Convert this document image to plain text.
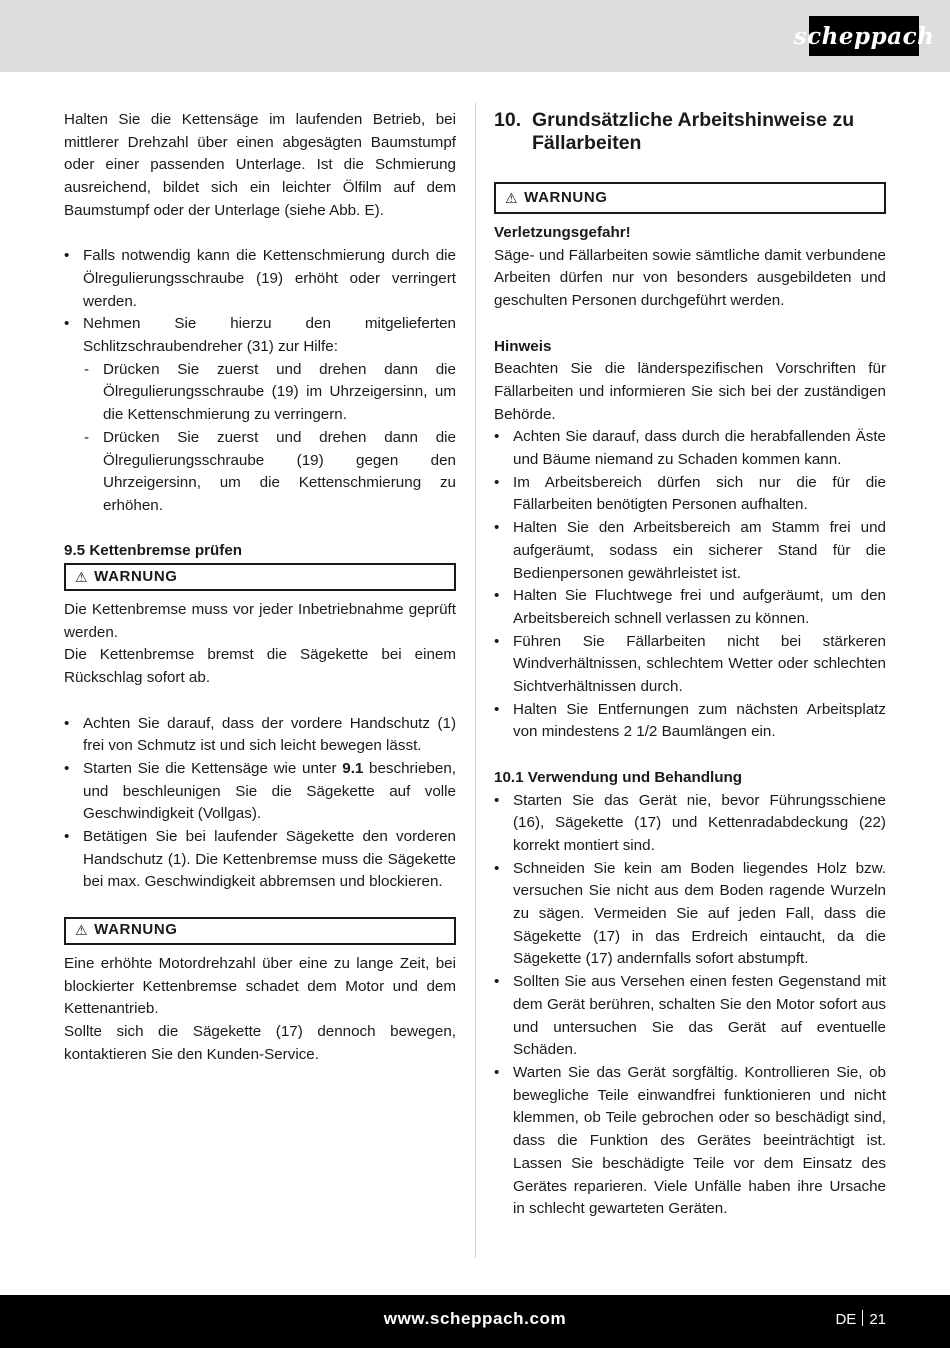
scheppach

Halten Sie die Kettensäge im laufenden Betrieb, bei mittlerer Drehzahl über einen abgesägten Baumstumpf oder einer passenden Unterlage. Ist die Schmierung ausreichend, bildet sich ein leichter Ölfilm auf dem Baumstumpf oder der Unterlage (siehe Abb. E).

• Falls notwendig kann die Kettenschmierung durch die Ölregulierungsschraube (19) erhöht oder verringert werden.
• Nehmen Sie hierzu den mitgelieferten Schlitzschraubendreher (31) zur Hilfe:
- Drücken Sie zuerst und drehen dann die Ölregulierungsschraube (19) im Uhrzeigersinn, um die Kettenschmierung zu verringern.
- Drücken Sie zuerst und drehen dann die Ölregulierungsschraube (19) gegen den Uhrzeigersinn, um die Kettenschmierung zu erhöhen.
9.5 Kettenbremse prüfen
⚠ WARNUNG

Die Kettenbremse muss vor jeder Inbetriebnahme geprüft werden.

Die Kettenbremse bremst die Sägekette bei einem Rückschlag sofort ab.

• Achten Sie darauf, dass der vordere Handschutz (1) frei von Schmutz ist und sich leicht bewegen lässt.
• Starten Sie die Kettensäge wie unter 9.1 beschrieben, und beschleunigen Sie die Sägekette auf volle Geschwindigkeit (Vollgas).
• Betätigen Sie bei laufender Sägekette den vorderen Handschutz (1). Die Kettenbremse muss die Sägekette bei max. Geschwindigkeit abbremsen und blockieren.
⚠ WARNUNG

Eine erhöhte Motordrehzahl über eine zu lange Zeit, bei blockierter Kettenbremse schadet dem Motor und dem Kettenantrieb.

Sollte sich die Sägekette (17) dennoch bewegen, kontaktieren Sie den Kunden-Service.

10. Grundsätzliche Arbeitshinweise zu Fällarbeiten
⚠ WARNUNG
Verletzungsgefahr!

Säge- und Fällarbeiten sowie sämtliche damit verbundene Arbeiten dürfen nur von besonders ausgebildeten und geschulten Personen durchgeführt werden.

Hinweis

Beachten Sie die länderspezifischen Vorschriften für Fällarbeiten und informieren Sie sich bei der zuständigen Behörde.

• Achten Sie darauf, dass durch die herabfallenden Äste und Bäume niemand zu Schaden kommen kann.
• Im Arbeitsbereich dürfen sich nur die für die Fällarbeiten benötigten Personen aufhalten.
• Halten Sie den Arbeitsbereich am Stamm frei und aufgeräumt, sodass ein sicherer Stand für die Bedienpersonen gewährleistet ist.
• Halten Sie Fluchtwege frei und aufgeräumt, um den Arbeitsbereich schnell verlassen zu können.
• Führen Sie Fällarbeiten nicht bei stärkeren Windverhältnissen, schlechtem Wetter oder schlechten Sichtverhältnissen durch.
• Halten Sie Entfernungen zum nächsten Arbeitsplatz von mindestens 2 1/2 Baumlängen ein.
10.1 Verwendung und Behandlung
• Starten Sie das Gerät nie, bevor Führungsschiene (16), Sägekette (17) und Kettenradabdeckung (22) korrekt montiert sind.
• Schneiden Sie kein am Boden liegendes Holz bzw. versuchen Sie nicht aus dem Boden ragende Wurzeln zu sägen. Vermeiden Sie auf jeden Fall, dass die Sägekette (17) in das Erdreich eintaucht, da die Sägekette (17) andernfalls sofort abstumpft.
• Sollten Sie aus Versehen einen festen Gegenstand mit dem Gerät berühren, schalten Sie den Motor sofort aus und untersuchen Sie das Gerät auf eventuelle Schäden.
• Warten Sie das Gerät sorgfältig. Kontrollieren Sie, ob bewegliche Teile einwandfrei funktionieren und nicht klemmen, ob Teile gebrochen oder so beschädigt sind, dass die Funktion des Gerätes beeinträchtigt ist. Lassen Sie beschädigte Teile vor dem Einsatz des Gerätes reparieren. Viele Unfälle haben ihre Ursache in schlecht gewarteten Geräten.
www.scheppach.com	DE 21
